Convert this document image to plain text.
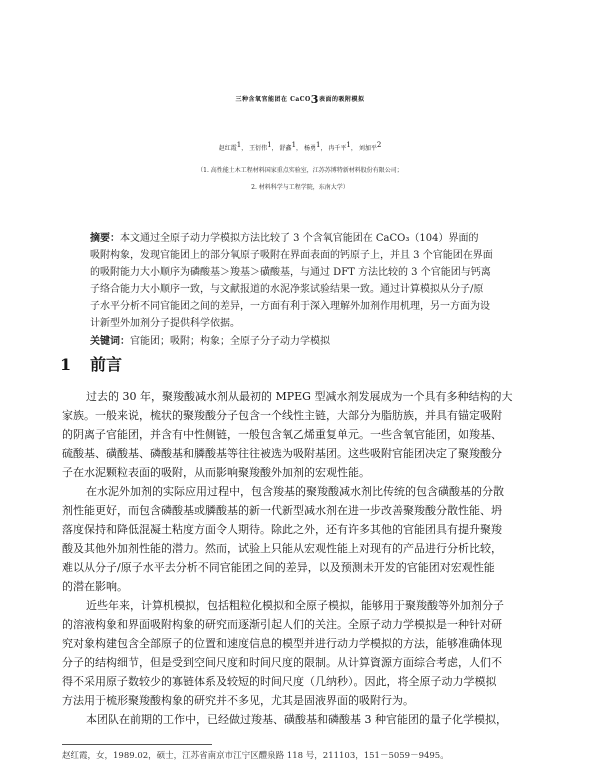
三种含氧官能团在 CaCO$_3$表面的吸附模拟
赵红霞$^1$， 王衍伟$^1$， 舒鑫$^1$， 杨勇$^1$， 冉千平$^1$， 刘加平$^2$
（1. 高性能土木工程材料国家重点实验室，江苏苏博特新材料股份有限公司；
2. 材料科学与工程学院，东南大学）
摘要：本文通过全原子动力学模拟方法比较了 3 个含氧官能团在 CaCO₃（104）界面的
吸附构象，发现官能团上的部分氧原子吸附在界面表面的钙原子上，并且 3 个官能团在界面
的吸附能力大小顺序为磷酸基＞羧基＞磺酸基，与通过 DFT 方法比较的 3 个官能团与钙离
子络合能力大小顺序一致，与文献报道的水泥净浆试验结果一致。通过计算模拟从分子/原
子水平分析不同官能团之间的差异，一方面有利于深入理解外加剂作用机理，另一方面为设
计新型外加剂分子提供科学依据。
关键词：官能团；吸附；构象；全原子分子动力学模拟
1 前言
过去的 30 年，聚羧酸减水剂从最初的 MPEG 型减水剂发展成为一个具有多种结构的大
家族。一般来说，梳状的聚羧酸分子包含一个线性主链，大部分为脂肪族，并具有锚定吸附
的阴离子官能团，并含有中性侧链，一般包含氧乙烯重复单元。一些含氧官能团，如羧基、
硫酸基、磺酸基、磷酸基和膦酸基等往往被选为吸附基团。这些吸附官能团决定了聚羧酸分
子在水泥颗粒表面的吸附，从而影响聚羧酸外加剂的宏观性能。
在水泥外加剂的实际应用过程中，包含羧基的聚羧酸减水剂比传统的包含磺酸基的分散
剂性能更好，而包含磷酸基或膦酸基的新一代新型减水剂在进一步改善聚羧酸分散性能、坍
落度保持和降低混凝土粘度方面令人期待。除此之外，还有许多其他的官能团具有提升聚羧
酸及其他外加剂性能的潜力。然而，试验上只能从宏观性能上对现有的产品进行分析比较，
难以从分子/原子水平去分析不同官能团之间的差异，以及预测未开发的官能团对宏观性能
的潜在影响。
近些年来，计算机模拟，包括粗粒化模拟和全原子模拟，能够用于聚羧酸等外加剂分子
的溶液构象和界面吸附构象的研究而逐渐引起人们的关注。全原子动力学模拟是一种针对研
究对象构建包含全部原子的位置和速度信息的模型并进行动力学模拟的方法，能够准确体现
分子的结构细节，但是受到空间尺度和时间尺度的限制。从计算資源方面综合考虑，人们不
得不采用原子数较少的寡链体系及较短的时间尺度（几纳秒）。因此，将全原子动力学模拟
方法用于梳形聚羧酸构象的研究并不多见，尤其是固液界面的吸附行为。
本团队在前期的工作中，已经做过羧基、磺酸基和磷酸基 3 种官能团的量子化学模拟，
赵红霞，女，1989.02，硕士，江苏省南京市江宁区醴泉路 118 号，211103，151－5059－9495。
